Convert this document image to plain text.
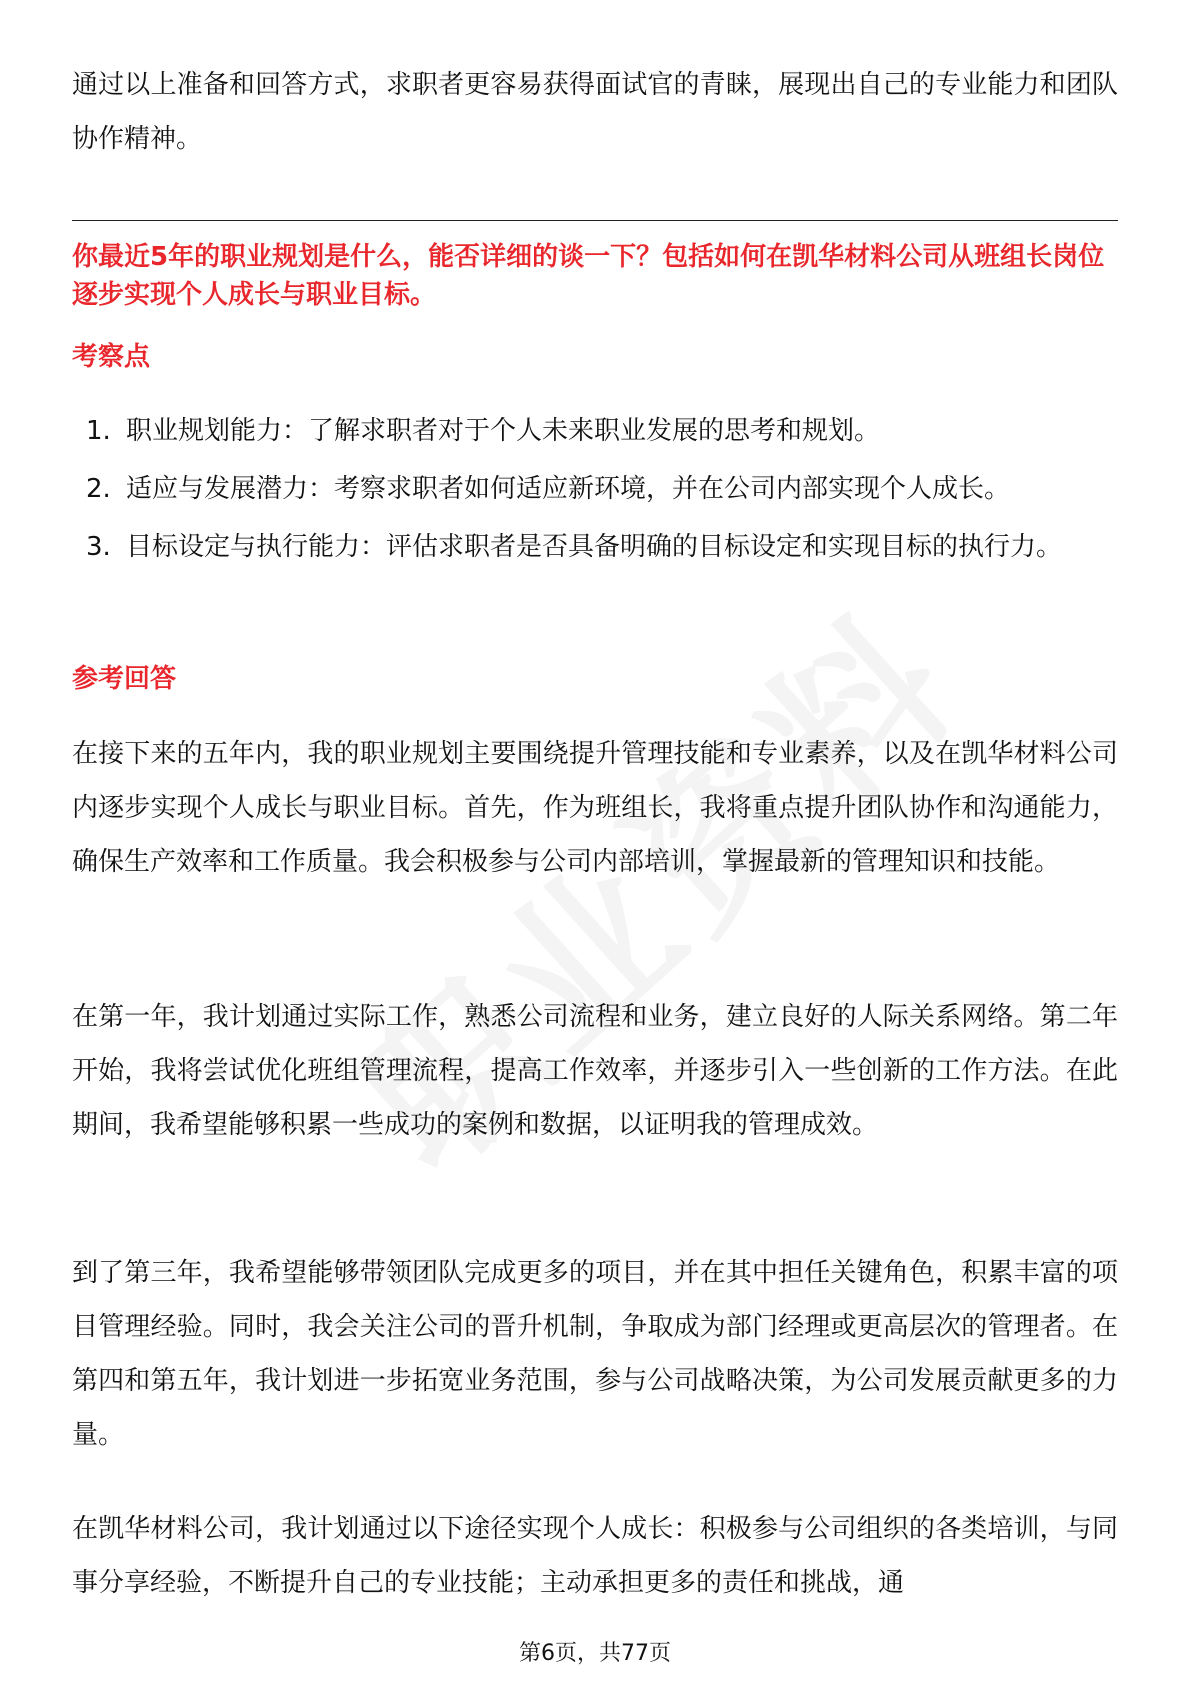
通过以上准备和回答方式，求职者更容易获得面试官的青睐，展现出自己的专业能力和团队协作精神。

你最近5年的职业规划是什么，能否详细的谈一下？包括如何在凯华材料公司从班组长岗位逐步实现个人成长与职业目标。

考察点

1. 职业规划能力：了解求职者对于个人未来职业发展的思考和规划。
2. 适应与发展潜力：考察求职者如何适应新环境，并在公司内部实现个人成长。
3. 目标设定与执行能力：评估求职者是否具备明确的目标设定和实现目标的执行力。

参考回答

在接下来的五年内，我的职业规划主要围绕提升管理技能和专业素养，以及在凯华材料公司内逐步实现个人成长与职业目标。首先，作为班组长，我将重点提升团队协作和沟通能力，确保生产效率和工作质量。我会积极参与公司内部培训，掌握最新的管理知识和技能。

在第一年，我计划通过实际工作，熟悉公司流程和业务，建立良好的人际关系网络。第二年开始，我将尝试优化班组管理流程，提高工作效率，并逐步引入一些创新的工作方法。在此期间，我希望能够积累一些成功的案例和数据，以证明我的管理成效。

到了第三年，我希望能够带领团队完成更多的项目，并在其中担任关键角色，积累丰富的项目管理经验。同时，我会关注公司的晋升机制，争取成为部门经理或更高层次的管理者。在第四和第五年，我计划进一步拓宽业务范围，参与公司战略决策，为公司发展贡献更多的力量。

在凯华材料公司，我计划通过以下途径实现个人成长：积极参与公司组织的各类培训，与同事分享经验，不断提升自己的专业技能；主动承担更多的责任和挑战，通

第6页，共77页
